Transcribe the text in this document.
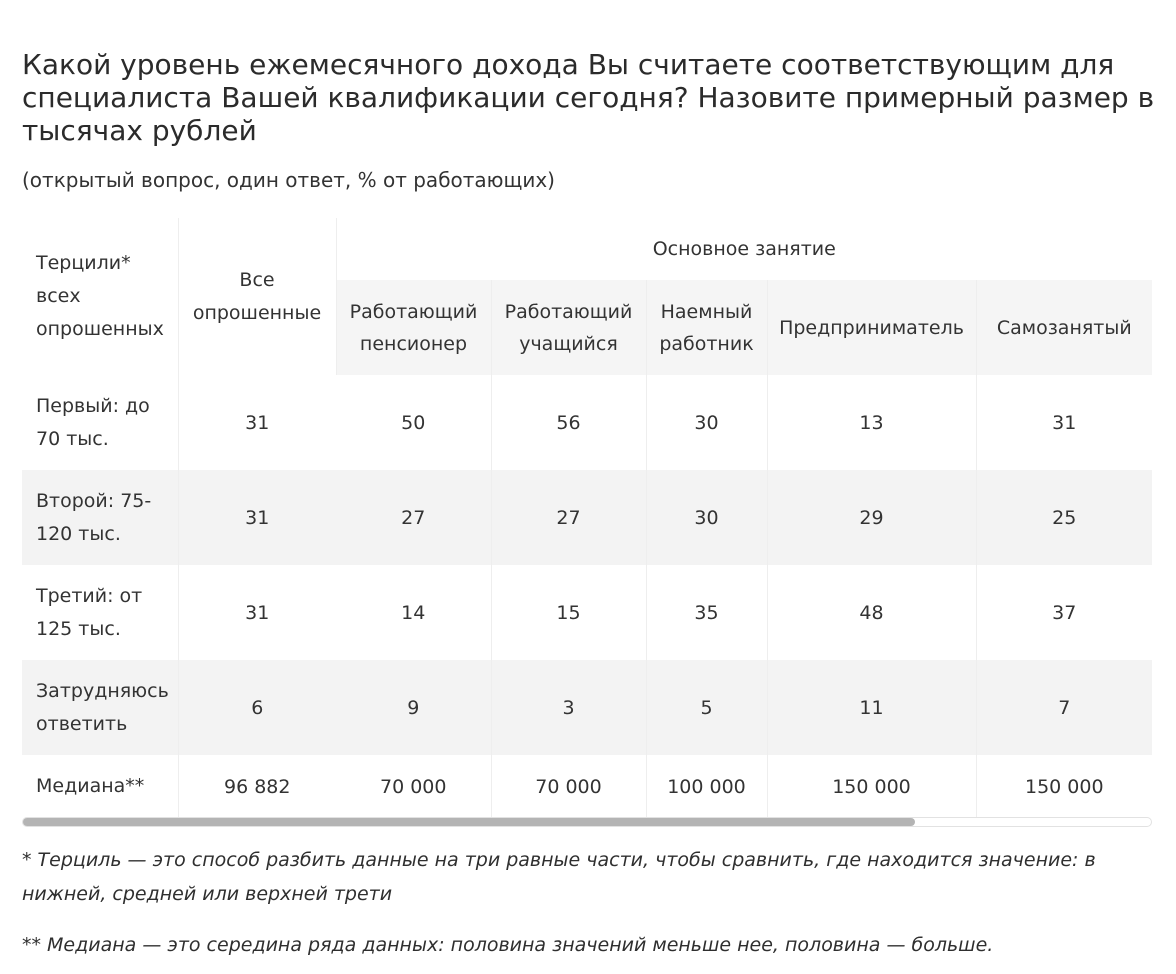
Какой уровень ежемесячного дохода Вы считаете соответствующим для специалиста Вашей квалификации сегодня? Назовите примерный размер в тысячах рублей
(открытый вопрос, один ответ, % от работающих)
Терцили* всех опрошенных	Все опрошенные	Основное занятие				
		Работающий пенсионер	Работающий учащийся	Наемный работник	Предприниматель	Самозанятый
Первый: до 70 тыс.	31	50	56	30	13	31
Второй: 75-120 тыс.	31	27	27	30	29	25
Третий: от 125 тыс.	31	14	15	35	48	37
Затрудняюсь ответить	6	9	3	5	11	7
Медиана**	96 882	70 000	70 000	100 000	150 000	150 000
* Терциль — это способ разбить данные на три равные части, чтобы сравнить, где находится значение: в нижней, средней или верхней трети
** Медиана — это середина ряда данных: половина значений меньше нее, половина — больше.
